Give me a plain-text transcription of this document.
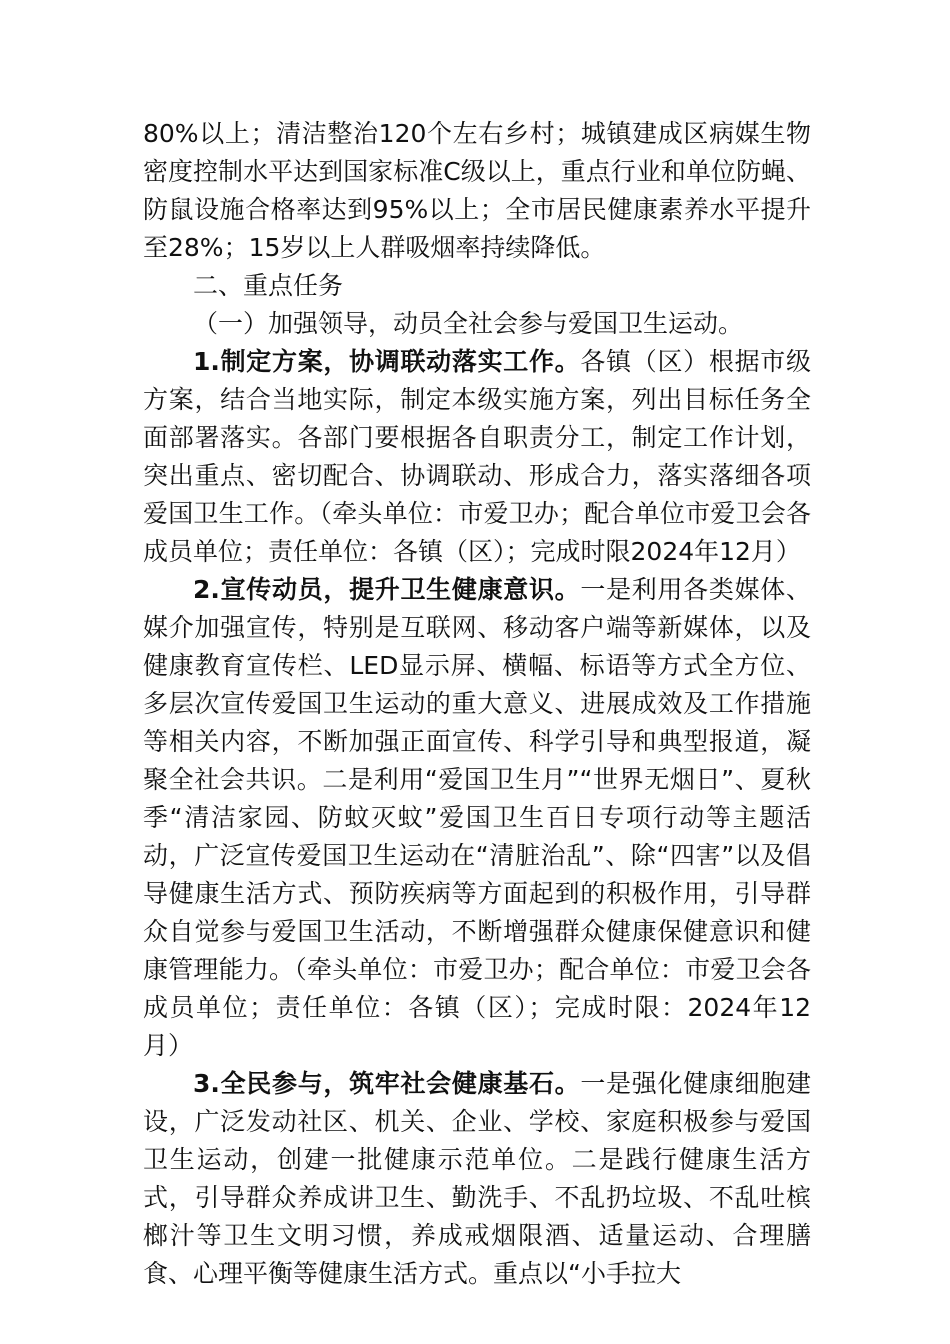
80%以上；清洁整治120个左右乡村；城镇建成区病媒生物密度控制水平达到国家标准C级以上，重点行业和单位防蝇、防鼠设施合格率达到95%以上；全市居民健康素养水平提升至28%；15岁以上人群吸烟率持续降低。

二、重点任务

（一）加强领导，动员全社会参与爱国卫生运动。

1.制定方案，协调联动落实工作。各镇（区）根据市级方案，结合当地实际，制定本级实施方案，列出目标任务全面部署落实。各部门要根据各自职责分工，制定工作计划，突出重点、密切配合、协调联动、形成合力，落实落细各项爱国卫生工作。（牵头单位：市爱卫办；配合单位市爱卫会各成员单位；责任单位：各镇（区）；完成时限2024年12月）

2.宣传动员，提升卫生健康意识。一是利用各类媒体、媒介加强宣传，特别是互联网、移动客户端等新媒体，以及健康教育宣传栏、LED显示屏、横幅、标语等方式全方位、多层次宣传爱国卫生运动的重大意义、进展成效及工作措施等相关内容，不断加强正面宣传、科学引导和典型报道，凝聚全社会共识。二是利用“爱国卫生月”“世界无烟日”、夏秋季“清洁家园、防蚊灭蚊”爱国卫生百日专项行动等主题活动，广泛宣传爱国卫生运动在“清脏治乱”、除“四害”以及倡导健康生活方式、预防疾病等方面起到的积极作用，引导群众自觉参与爱国卫生活动，不断增强群众健康保健意识和健康管理能力。（牵头单位：市爱卫办；配合单位：市爱卫会各成员单位；责任单位：各镇（区）；完成时限：2024年12月）

3.全民参与，筑牢社会健康基石。一是强化健康细胞建设，广泛发动社区、机关、企业、学校、家庭积极参与爱国卫生运动，创建一批健康示范单位。二是践行健康生活方式，引导群众养成讲卫生、勤洗手、不乱扔垃圾、不乱吐槟榔汁等卫生文明习惯，养成戒烟限酒、适量运动、合理膳食、心理平衡等健康生活方式。重点以“小手拉大
